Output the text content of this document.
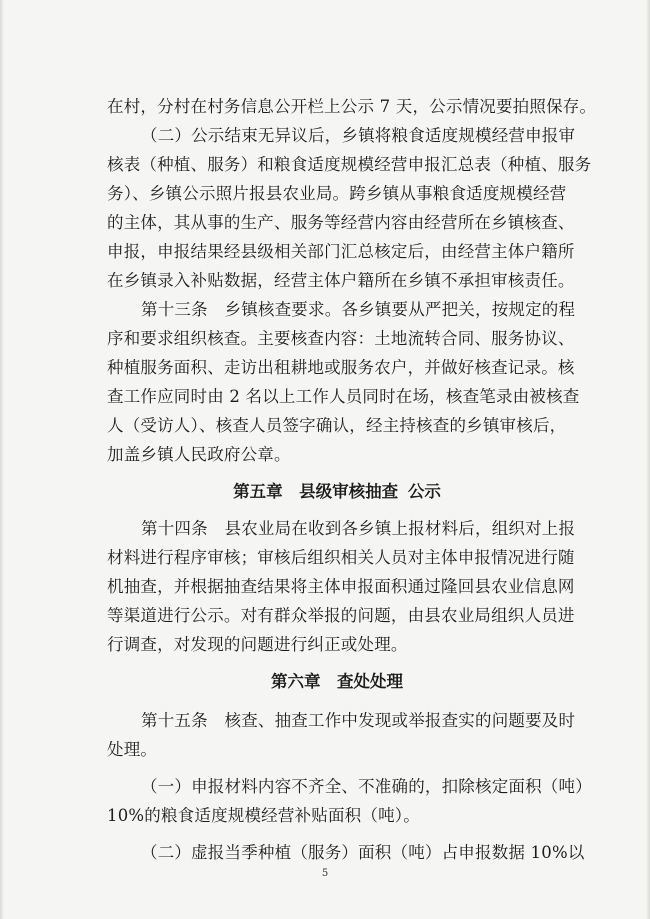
在村，分村在村务信息公开栏上公示 7 天，公示情况要拍照保存。
（二）公示结束无异议后，乡镇将粮食适度规模经营申报审
核表（种植、服务）和粮食适度规模经营申报汇总表（种植、服务
务）、乡镇公示照片报县农业局。跨乡镇从事粮食适度规模经营
的主体，其从事的生产、服务等经营内容由经营所在乡镇核查、
申报，申报结果经县级相关部门汇总核定后，由经营主体户籍所
在乡镇录入补贴数据，经营主体户籍所在乡镇不承担审核责任。
第十三条　乡镇核查要求。各乡镇要从严把关，按规定的程
序和要求组织核查。主要核查内容：土地流转合同、服务协议、
种植服务面积、走访出租耕地或服务农户，并做好核查记录。核
查工作应同时由 2 名以上工作人员同时在场，核查笔录由被核查
人（受访人）、核查人员签字确认，经主持核查的乡镇审核后，
加盖乡镇人民政府公章。
第五章　县级审核抽查 公示
第十四条　县农业局在收到各乡镇上报材料后，组织对上报
材料进行程序审核；审核后组织相关人员对主体申报情况进行随
机抽查，并根据抽查结果将主体申报面积通过隆回县农业信息网
等渠道进行公示。对有群众举报的问题，由县农业局组织人员进
行调查，对发现的问题进行纠正或处理。
第六章　查处处理
第十五条　核查、抽查工作中发现或举报查实的问题要及时
处理。
（一）申报材料内容不齐全、不准确的，扣除核定面积（吨）
10%的粮食适度规模经营补贴面积（吨）。
（二）虚报当季种植（服务）面积（吨）占申报数据 10%以
5
